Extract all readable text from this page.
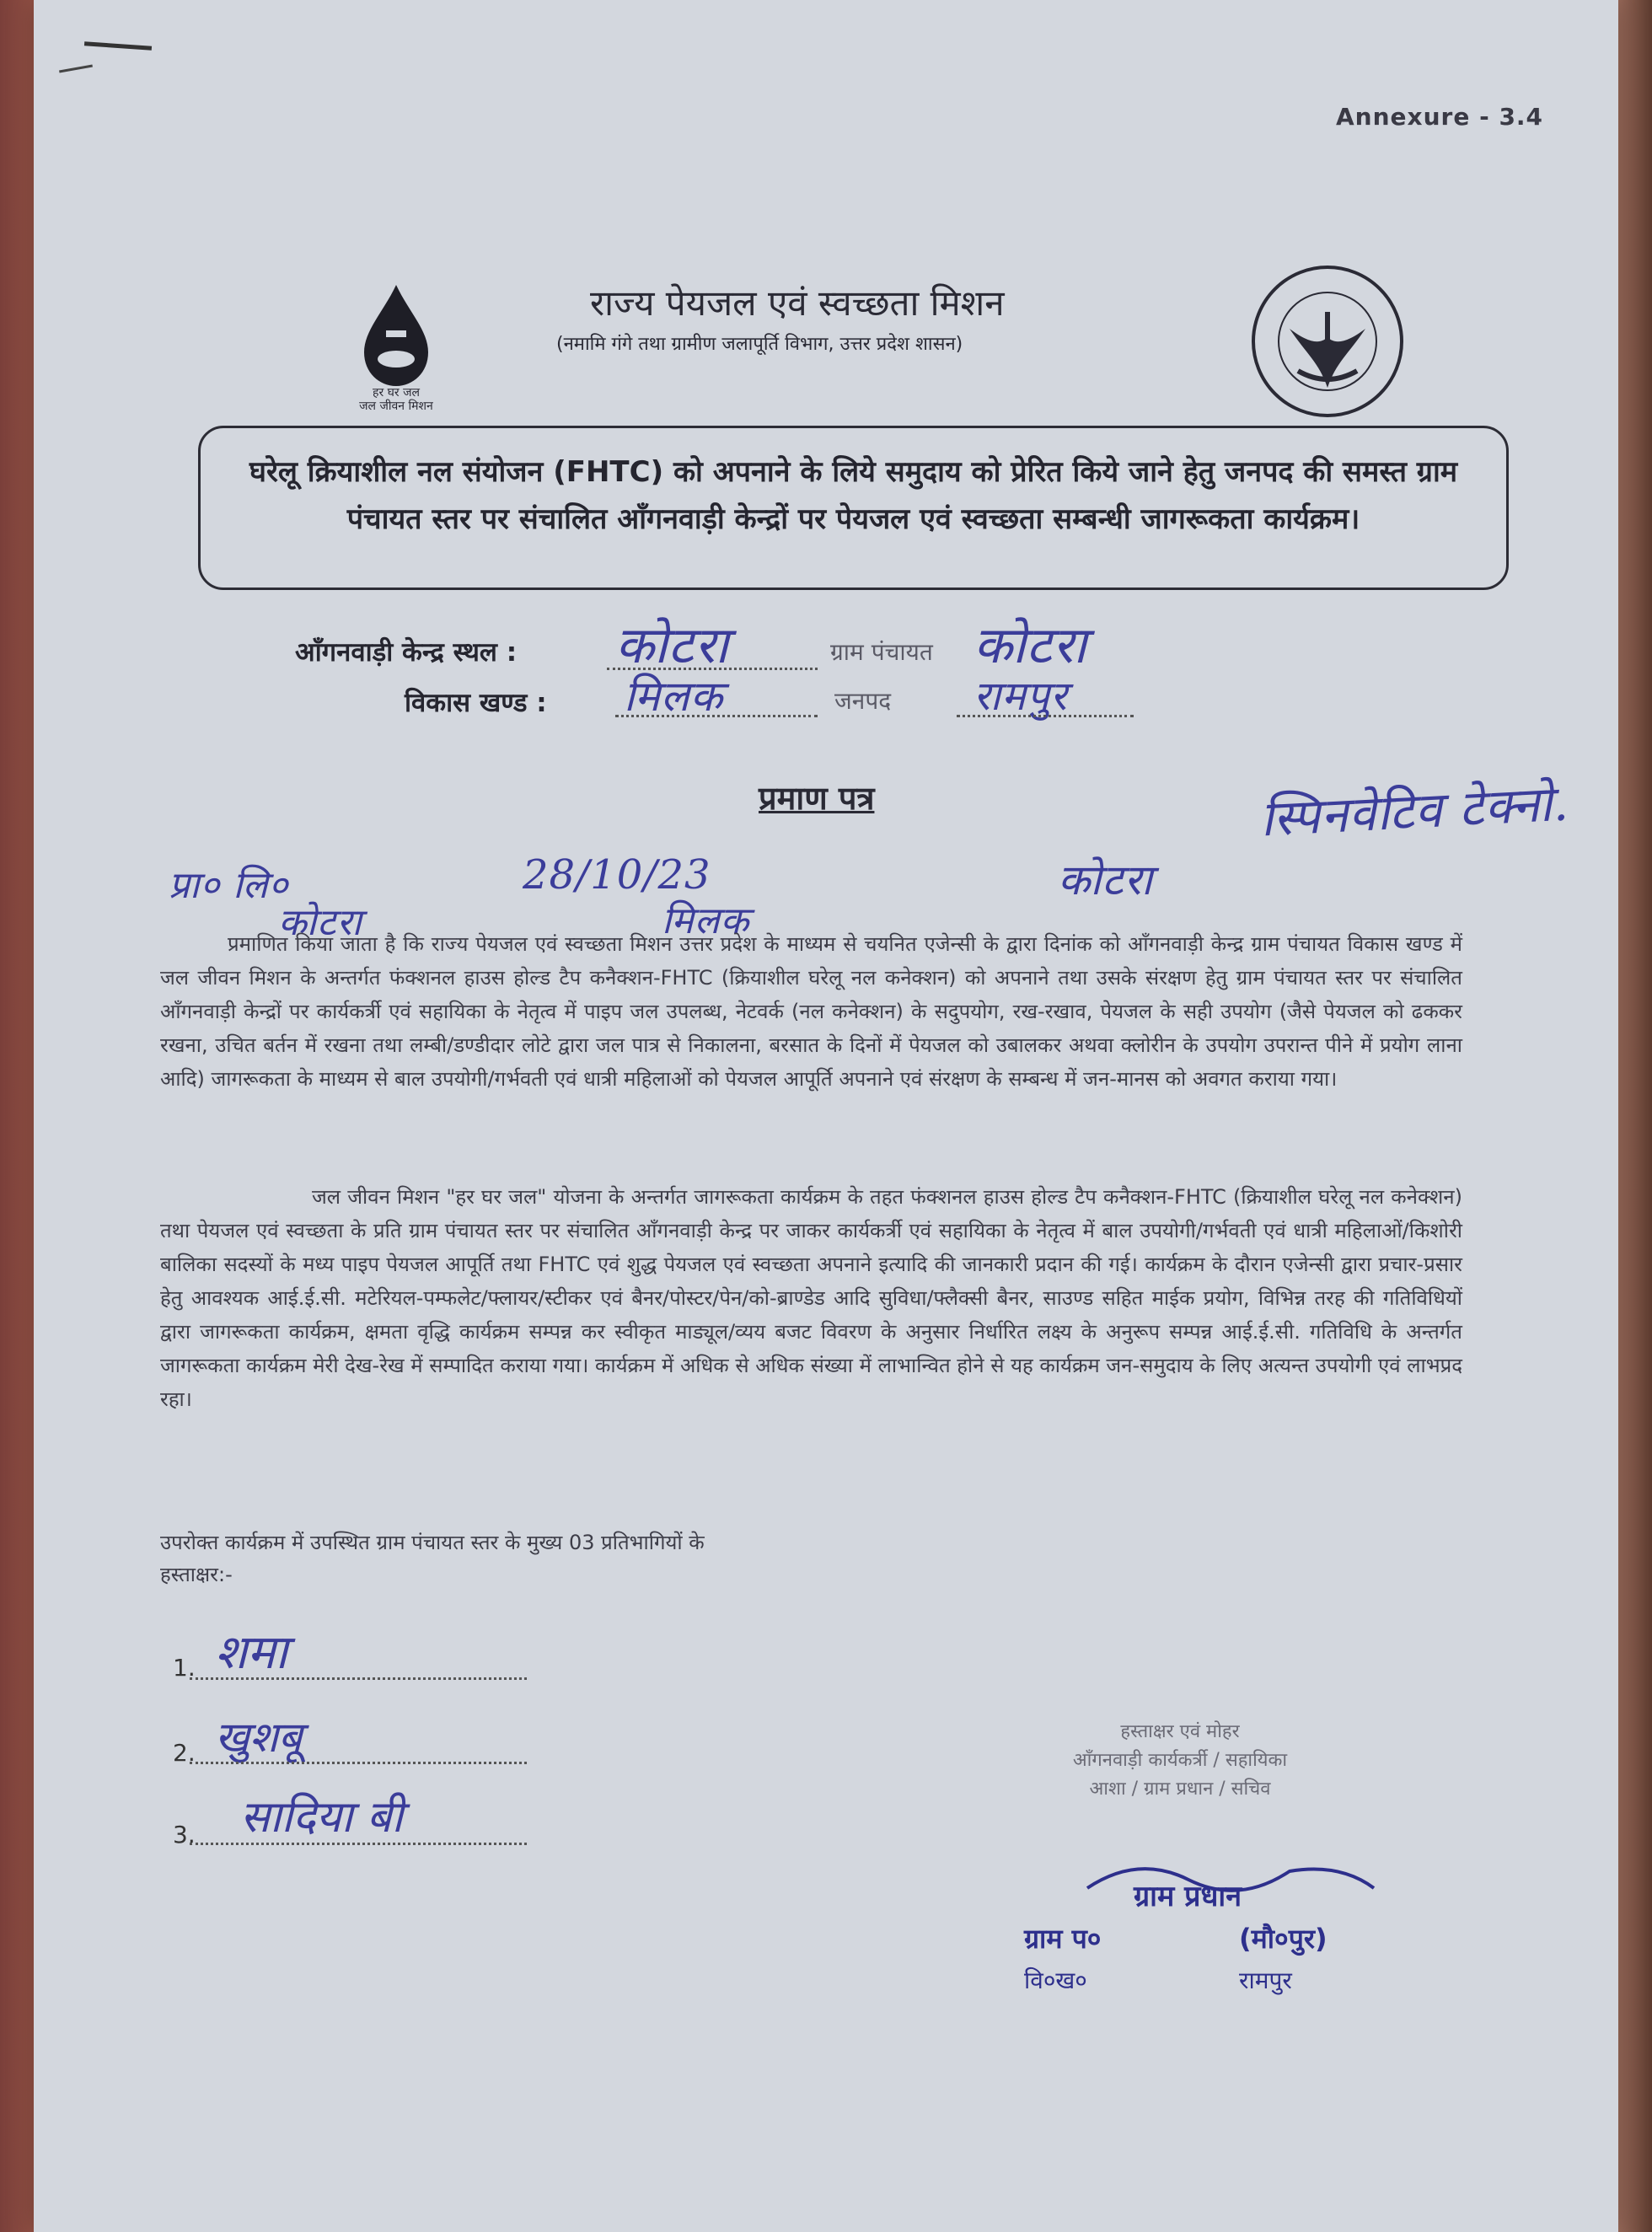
Annexure - 3.4
हर घर जल
जल जीवन मिशन
राज्य पेयजल एवं स्वच्छता मिशन
(नमामि गंगे तथा ग्रामीण जलापूर्ति विभाग, उत्तर प्रदेश शासन)
घरेलू क्रियाशील नल संयोजन (FHTC) को अपनाने के लिये समुदाय को प्रेरित किये जाने हेतु जनपद की समस्त ग्राम पंचायत स्तर पर संचालित आँगनवाड़ी केन्द्रों पर पेयजल एवं स्वच्छता सम्बन्धी जागरूकता कार्यक्रम।
आँगनवाड़ी केन्द्र स्थल : कोटरा	ग्राम पंचायत कोटरा
विकास खण्ड : मिलक	जनपद रामपुर
प्रमाण पत्र	स्पिनवेटिव टेक्नो.
प्रा० लि०	28/10/23	कोटरा
कोटरा	मिलक
प्रमाणित किया जाता है कि राज्य पेयजल एवं स्वच्छता मिशन उत्तर प्रदेश के माध्यम से चयनित एजेन्सी के द्वारा दिनांक को आँगनवाड़ी केन्द्र ग्राम पंचायत विकास खण्ड में जल जीवन मिशन के अन्तर्गत फंक्शनल हाउस होल्ड टैप कनैक्शन-FHTC (क्रियाशील घरेलू नल कनेक्शन) को अपनाने तथा उसके संरक्षण हेतु ग्राम पंचायत स्तर पर संचालित आँगनवाड़ी केन्द्रों पर कार्यकर्त्री एवं सहायिका के नेतृत्व में पाइप जल उपलब्ध, नेटवर्क (नल कनेक्शन) के सदुपयोग, रख-रखाव, पेयजल के सही उपयोग (जैसे पेयजल को ढककर रखना, उचित बर्तन में रखना तथा लम्बी/डण्डीदार लोटे द्वारा जल पात्र से निकालना, बरसात के दिनों में पेयजल को उबालकर अथवा क्लोरीन के उपयोग उपरान्त पीने में प्रयोग लाना आदि) जागरूकता के माध्यम से बाल उपयोगी/गर्भवती एवं धात्री महिलाओं को पेयजल आपूर्ति अपनाने एवं संरक्षण के सम्बन्ध में जन-मानस को अवगत कराया गया।
जल जीवन मिशन "हर घर जल" योजना के अन्तर्गत जागरूकता कार्यक्रम के तहत फंक्शनल हाउस होल्ड टैप कनैक्शन-FHTC (क्रियाशील घरेलू नल कनेक्शन) तथा पेयजल एवं स्वच्छता के प्रति ग्राम पंचायत स्तर पर संचालित आँगनवाड़ी केन्द्र पर जाकर कार्यकर्त्री एवं सहायिका के नेतृत्व में बाल उपयोगी/गर्भवती एवं धात्री महिलाओं/किशोरी बालिका सदस्यों के मध्य पाइप पेयजल आपूर्ति तथा FHTC एवं शुद्ध पेयजल एवं स्वच्छता अपनाने इत्यादि की जानकारी प्रदान की गई। कार्यक्रम के दौरान एजेन्सी द्वारा प्रचार-प्रसार हेतु आवश्यक आई.ई.सी. मटेरियल-पम्फलेट/फ्लायर/स्टीकर एवं बैनर/पोस्टर/पेन/को-ब्राण्डेड आदि सुविधा/फ्लैक्सी बैनर, साउण्ड सहित माईक प्रयोग, विभिन्न तरह की गतिविधियों द्वारा जागरूकता कार्यक्रम, क्षमता वृद्धि कार्यक्रम सम्पन्न कर स्वीकृत माड्यूल/व्यय बजट विवरण के अनुसार निर्धारित लक्ष्य के अनुरूप सम्पन्न आई.ई.सी. गतिविधि के अन्तर्गत जागरूकता कार्यक्रम मेरी देख-रेख में सम्पादित कराया गया। कार्यक्रम में अधिक से अधिक संख्या में लाभान्वित होने से यह कार्यक्रम जन-समुदाय के लिए अत्यन्त उपयोगी एवं लाभप्रद रहा।
उपरोक्त कार्यक्रम में उपस्थित ग्राम पंचायत स्तर के मुख्य 03 प्रतिभागियों के
हस्ताक्षर:-
1. शमा
2. खुशबू
3. सादिया बी
हस्ताक्षर एवं मोहर
आँगनवाड़ी कार्यकर्त्री / सहायिका
आशा / ग्राम प्रधान / सचिव
ग्राम प्रधान
ग्राम प०	(मौ०पुर)
वि०ख०	रामपुर
